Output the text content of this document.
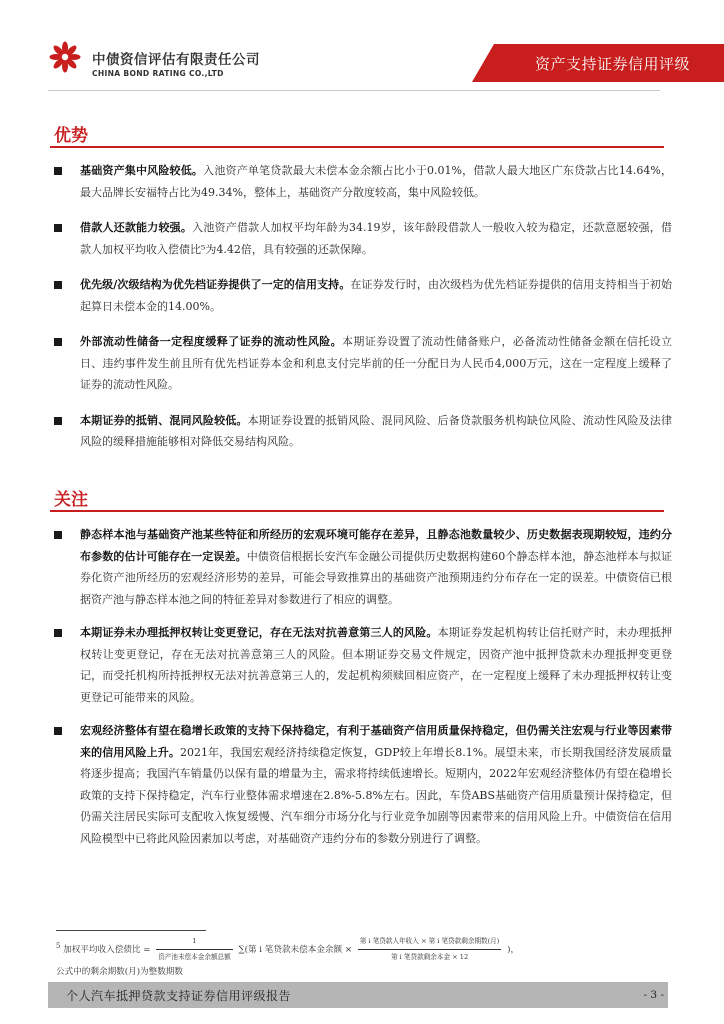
中债资信评估有限责任公司
CHINA BOND RATING CO.,LTD
资产支持证券信用评级
优势
基础资产集中风险较低。入池资产单笔贷款最大未偿本金余额占比小于0.01%，借款人最大地区广东贷款占比14.64%，最大品牌长安福特占比为49.34%，整体上，基础资产分散度较高，集中风险较低。
借款人还款能力较强。入池资产借款人加权平均年龄为34.19岁，该年龄段借款人一般收入较为稳定，还款意愿较强，借款人加权平均收入偿债比⁵为4.42倍，具有较强的还款保障。
优先级/次级结构为优先档证券提供了一定的信用支持。在证券发行时，由次级档为优先档证券提供的信用支持相当于初始起算日未偿本金的14.00%。
外部流动性储备一定程度缓释了证券的流动性风险。本期证券设置了流动性储备账户，必备流动性储备金额在信托设立日、违约事件发生前且所有优先档证券本金和利息支付完毕前的任一分配日为人民币4,000万元，这在一定程度上缓释了证券的流动性风险。
本期证券的抵销、混同风险较低。本期证券设置的抵销风险、混同风险、后备贷款服务机构缺位风险、流动性风险及法律风险的缓释措施能够相对降低交易结构风险。
关注
静态样本池与基础资产池某些特征和所经历的宏观环境可能存在差异，且静态池数量较少、历史数据表现期较短，违约分布参数的估计可能存在一定误差。中债资信根据长安汽车金融公司提供历史数据构建60个静态样本池，静态池样本与拟证券化资产池所经历的宏观经济形势的差异，可能会导致推算出的基础资产池预期违约分布存在一定的误差。中债资信已根据资产池与静态样本池之间的特征差异对参数进行了相应的调整。
本期证券未办理抵押权转让变更登记，存在无法对抗善意第三人的风险。本期证券发起机构转让信托财产时，未办理抵押权转让变更登记，存在无法对抗善意第三人的风险。但本期证券交易文件规定，因资产池中抵押贷款未办理抵押变更登记，而受托机构所持抵押权无法对抗善意第三人的，发起机构须赎回相应资产，在一定程度上缓释了未办理抵押权转让变更登记可能带来的风险。
宏观经济整体有望在稳增长政策的支持下保持稳定，有利于基础资产信用质量保持稳定，但仍需关注宏观与行业等因素带来的信用风险上升。2021年，我国宏观经济持续稳定恢复，GDP较上年增长8.1%。展望未来，市长期我国经济发展质量将逐步提高；我国汽车销量仍以保有量的增量为主，需求将持续低速增长。短期内，2022年宏观经济整体仍有望在稳增长政策的支持下保持稳定，汽车行业整体需求增速在2.8%-5.8%左右。因此，车贷ABS基础资产信用质量预计保持稳定，但仍需关注居民实际可支配收入恢复缓慢、汽车细分市场分化与行业竞争加剧等因素带来的信用风险上升。中债资信在信用风险模型中已将此风险因素加以考虑，对基础资产违约分布的参数分别进行了调整。
$^5$ 加权平均收入偿债比 = $\frac{1}{\text{资产池未偿本金余额总额}}$ ∑(第 i 笔贷款未偿本金余额 × $\frac{\text{第 i 笔贷款人年收入 × 第 i 笔贷款剩余期数(月)}}{\text{第 i 笔贷款剩余本金 × 12}}$ )，
公式中的剩余期数(月)为整数期数
个人汽车抵押贷款支持证券信用评级报告	- 3 -
